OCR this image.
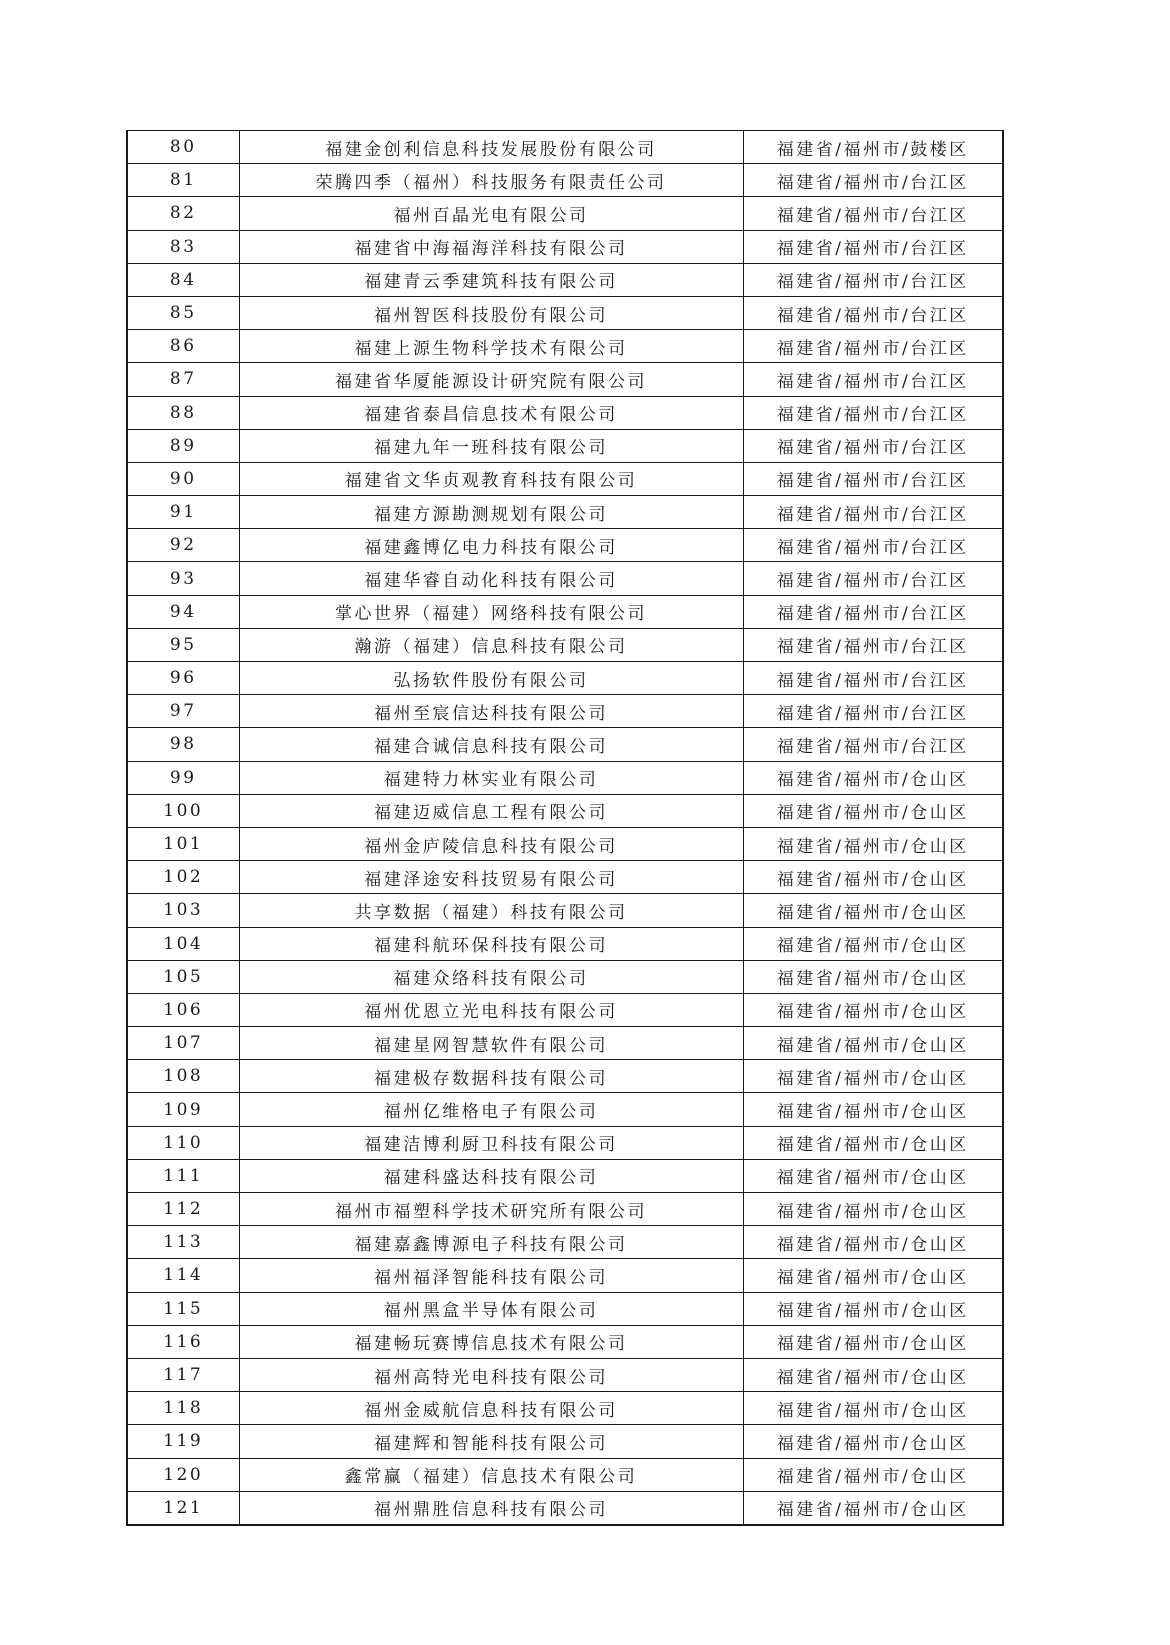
80	福建金创利信息科技发展股份有限公司	福建省/福州市/鼓楼区
81	荣腾四季（福州）科技服务有限责任公司	福建省/福州市/台江区
82	福州百晶光电有限公司	福建省/福州市/台江区
83	福建省中海福海洋科技有限公司	福建省/福州市/台江区
84	福建青云季建筑科技有限公司	福建省/福州市/台江区
85	福州智医科技股份有限公司	福建省/福州市/台江区
86	福建上源生物科学技术有限公司	福建省/福州市/台江区
87	福建省华厦能源设计研究院有限公司	福建省/福州市/台江区
88	福建省泰昌信息技术有限公司	福建省/福州市/台江区
89	福建九年一班科技有限公司	福建省/福州市/台江区
90	福建省文华贞观教育科技有限公司	福建省/福州市/台江区
91	福建方源勘测规划有限公司	福建省/福州市/台江区
92	福建鑫博亿电力科技有限公司	福建省/福州市/台江区
93	福建华睿自动化科技有限公司	福建省/福州市/台江区
94	掌心世界（福建）网络科技有限公司	福建省/福州市/台江区
95	瀚游（福建）信息科技有限公司	福建省/福州市/台江区
96	弘扬软件股份有限公司	福建省/福州市/台江区
97	福州至宸信达科技有限公司	福建省/福州市/台江区
98	福建合诚信息科技有限公司	福建省/福州市/台江区
99	福建特力林实业有限公司	福建省/福州市/仓山区
100	福建迈威信息工程有限公司	福建省/福州市/仓山区
101	福州金庐陵信息科技有限公司	福建省/福州市/仓山区
102	福建泽途安科技贸易有限公司	福建省/福州市/仓山区
103	共享数据（福建）科技有限公司	福建省/福州市/仓山区
104	福建科航环保科技有限公司	福建省/福州市/仓山区
105	福建众络科技有限公司	福建省/福州市/仓山区
106	福州优恩立光电科技有限公司	福建省/福州市/仓山区
107	福建星网智慧软件有限公司	福建省/福州市/仓山区
108	福建极存数据科技有限公司	福建省/福州市/仓山区
109	福州亿维格电子有限公司	福建省/福州市/仓山区
110	福建洁博利厨卫科技有限公司	福建省/福州市/仓山区
111	福建科盛达科技有限公司	福建省/福州市/仓山区
112	福州市福塑科学技术研究所有限公司	福建省/福州市/仓山区
113	福建嘉鑫博源电子科技有限公司	福建省/福州市/仓山区
114	福州福泽智能科技有限公司	福建省/福州市/仓山区
115	福州黑盒半导体有限公司	福建省/福州市/仓山区
116	福建畅玩赛博信息技术有限公司	福建省/福州市/仓山区
117	福州高特光电科技有限公司	福建省/福州市/仓山区
118	福州金威航信息科技有限公司	福建省/福州市/仓山区
119	福建辉和智能科技有限公司	福建省/福州市/仓山区
120	鑫常赢（福建）信息技术有限公司	福建省/福州市/仓山区
121	福州鼎胜信息科技有限公司	福建省/福州市/仓山区
